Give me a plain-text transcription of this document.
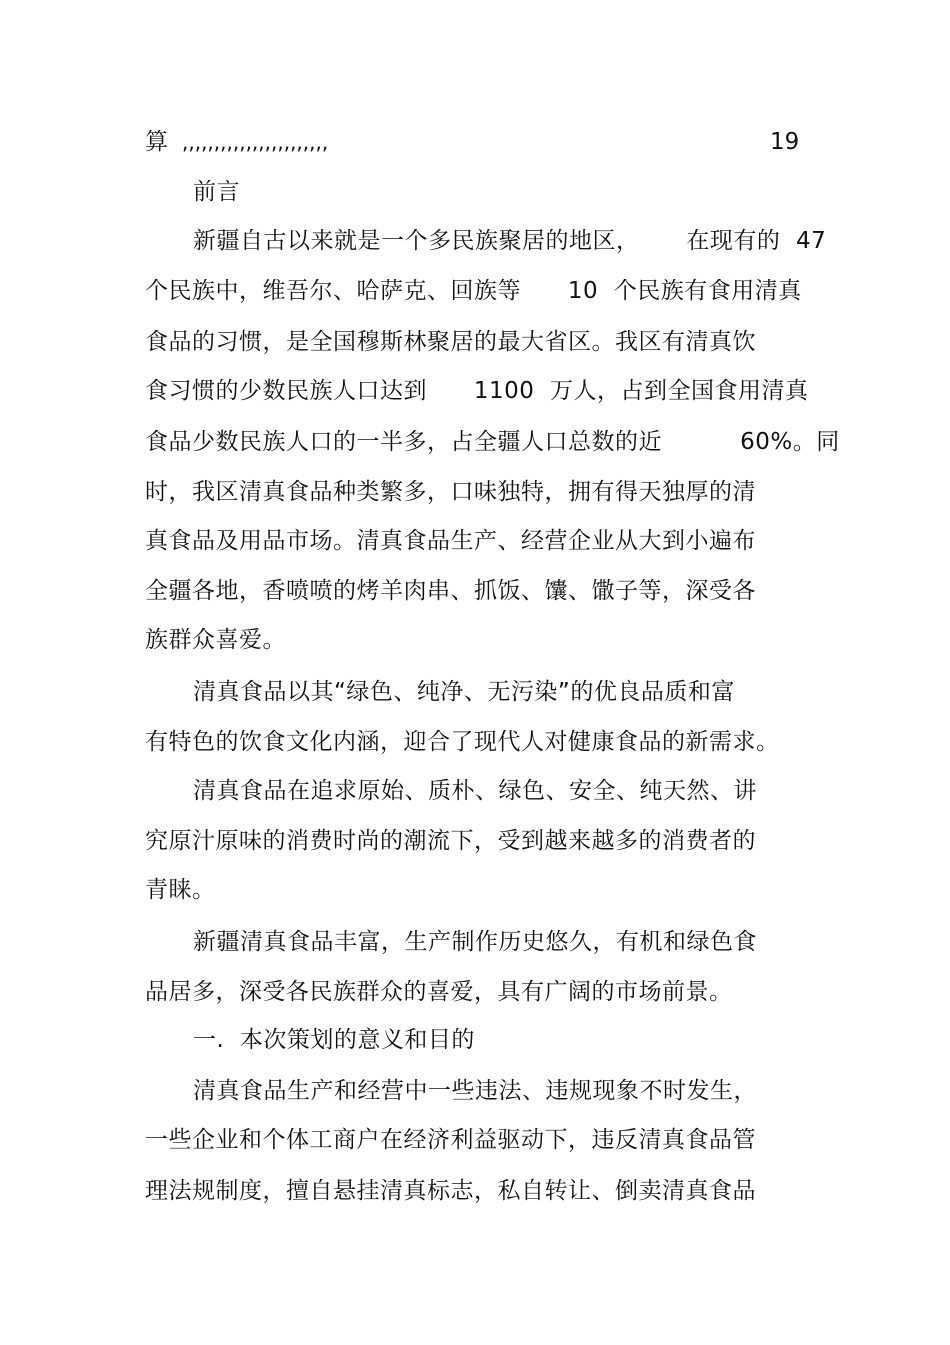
算 ,,,,,,,,,,,,,,,,,,,,,,,	19
前言
新疆自古以来就是一个多民族聚居的地区，      在现有的  47
个民族中，维吾尔、哈萨克、回族等      10  个民族有食用清真
食品的习惯，是全国穆斯林聚居的最大省区。我区有清真饮
食习惯的少数民族人口达到      1100  万人，占到全国食用清真
食品少数民族人口的一半多，占全疆人口总数的近          60%。同
时，我区清真食品种类繁多，口味独特，拥有得天独厚的清
真食品及用品市场。清真食品生产、经营企业从大到小遍布
全疆各地，香喷喷的烤羊肉串、抓饭、馕、馓子等，深受各
族群众喜爱。
清真食品以其“绿色、纯净、无污染”的优良品质和富
有特色的饮食文化内涵，迎合了现代人对健康食品的新需求。
清真食品在追求原始、质朴、绿色、安全、纯天然、讲
究原汁原味的消费时尚的潮流下，受到越来越多的消费者的
青睐。
新疆清真食品丰富，生产制作历史悠久，有机和绿色食
品居多，深受各民族群众的喜爱，具有广阔的市场前景。
一.  本次策划的意义和目的
清真食品生产和经营中一些违法、违规现象不时发生，
一些企业和个体工商户在经济利益驱动下，违反清真食品管
理法规制度，擅自悬挂清真标志，私自转让、倒卖清真食品
